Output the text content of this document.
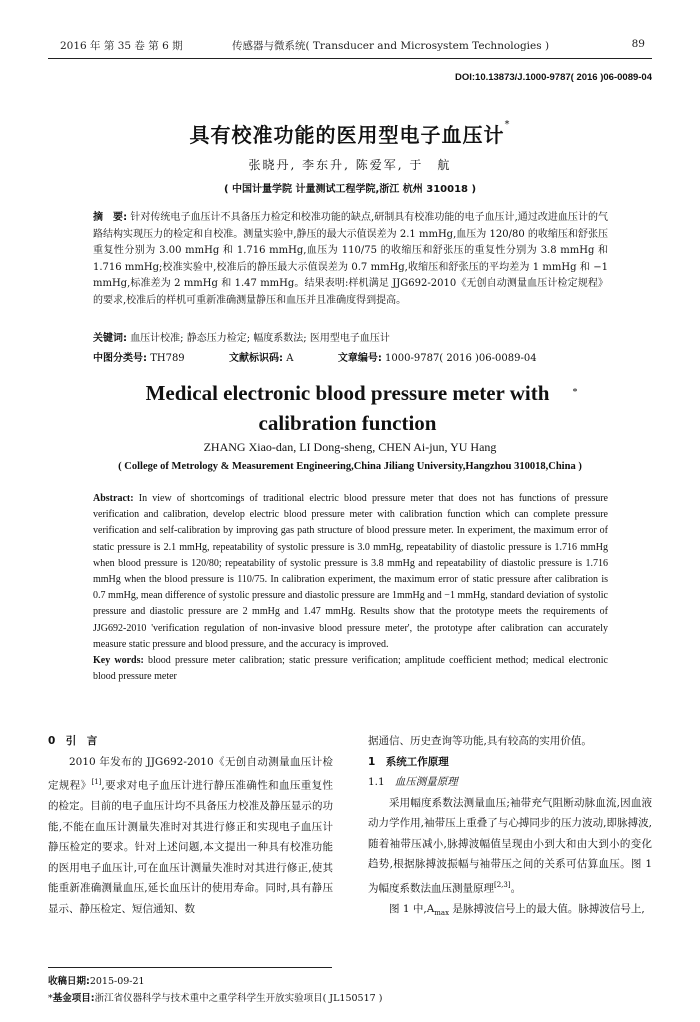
2016 年 第 35 卷 第 6 期	传感器与微系统( Transducer and Microsystem Technologies )	89
DOI:10.13873/J.1000-9787( 2016 )06-0089-04
具有校准功能的医用型电子血压计*
张晓丹, 李东升, 陈爱军, 于　航
( 中国计量学院 计量测试工程学院,浙江 杭州 310018 )
摘　要: 针对传统电子血压计不具备压力检定和校准功能的缺点,研制具有校准功能的电子血压计,通过改进血压计的气路结构实现压力的检定和自校准。测量实验中,静压的最大示值误差为 2.1 mmHg,血压为 120/80 的收缩压和舒张压重复性分别为 3.00 mmHg 和 1.716 mmHg,血压为 110/75 的收缩压和舒张压的重复性分别为 3.8 mmHg 和 1.716 mmHg;校准实验中,校准后的静压最大示值误差为 0.7 mmHg,收缩压和舒张压的平均差为 1 mmHg 和 −1 mmHg,标准差为 2 mmHg 和 1.47 mmHg。结果表明:样机满足 JJG692-2010《无创自动测量血压计检定规程》的要求,校准后的样机可重新准确测量静压和血压并且准确度得到提高。
关键词: 血压计校准; 静态压力检定; 幅度系数法; 医用型电子血压计
中图分类号: TH789	文献标识码: A	文章编号: 1000-9787( 2016 )06-0089-04
Medical electronic blood pressure meter with calibration function*
ZHANG Xiao-dan, LI Dong-sheng, CHEN Ai-jun, YU Hang
( College of Metrology & Measurement Engineering,China Jiliang University,Hangzhou 310018,China )
Abstract: In view of shortcomings of traditional electric blood pressure meter that does not has functions of pressure verification and calibration, develop electric blood pressure meter with calibration function which can complete pressure verification and self-calibration by improving gas path structure of blood pressure meter. In experiment, the maximum error of static pressure is 2.1 mmHg, repeatability of systolic pressure is 3.0 mmHg, repeatability of diastolic pressure is 1.716 mmHg when blood pressure is 120/80; repeatability of systolic pressure is 3.8 mmHg and repeatability of diastolic pressure is 1.716 mmHg when the blood pressure is 110/75. In calibration experiment, the maximum error of static pressure after calibration is 0.7 mmHg, mean difference of systolic pressure and diastolic pressure are 1mmHg and −1 mmHg, standard deviation of systolic pressure and diastolic pressure are 2 mmHg and 1.47 mmHg. Results show that the prototype meets the requirements of JJG692-2010 'verification regulation of non-invasive blood pressure meter', the prototype after calibration can accurately measure static pressure and blood pressure, and the accuracy is improved.
Key words: blood pressure meter calibration; static pressure verification; amplitude coefficient method; medical electronic blood pressure meter
0　引　言
2010 年发布的 JJG692-2010《无创自动测量血压计检定规程》[1],要求对电子血压计进行静压准确性和血压重复性的检定。目前的电子血压计均不具备压力校准及静压显示的功能,不能在血压计测量失准时对其进行修正和实现电子血压计静压检定的要求。针对上述问题,本文提出一种具有校准功能的医用电子血压计,可在血压计测量失准时对其进行修正,使其能重新准确测量血压,延长血压计的使用寿命。同时,具有静压显示、静压检定、短信通知、数
据通信、历史查询等功能,具有较高的实用价值。
1　系统工作原理
1.1 血压测量原理
采用幅度系数法测量血压;袖带充气阻断动脉血流,因血液动力学作用,袖带压上重叠了与心搏同步的压力波动,即脉搏波,随着袖带压减小,脉搏波幅值呈现由小到大和由大到小的变化趋势,根据脉搏波振幅与袖带压之间的关系可估算血压。图 1 为幅度系数法血压测量原理[2,3]。
图 1 中$,A_{max}$ 是脉搏波信号上的最大值。脉搏波信号上,
收稿日期:2015-09-21
*基金项目:浙江省仪器科学与技术重中之重学科学生开放实验项目( JL150517 )
